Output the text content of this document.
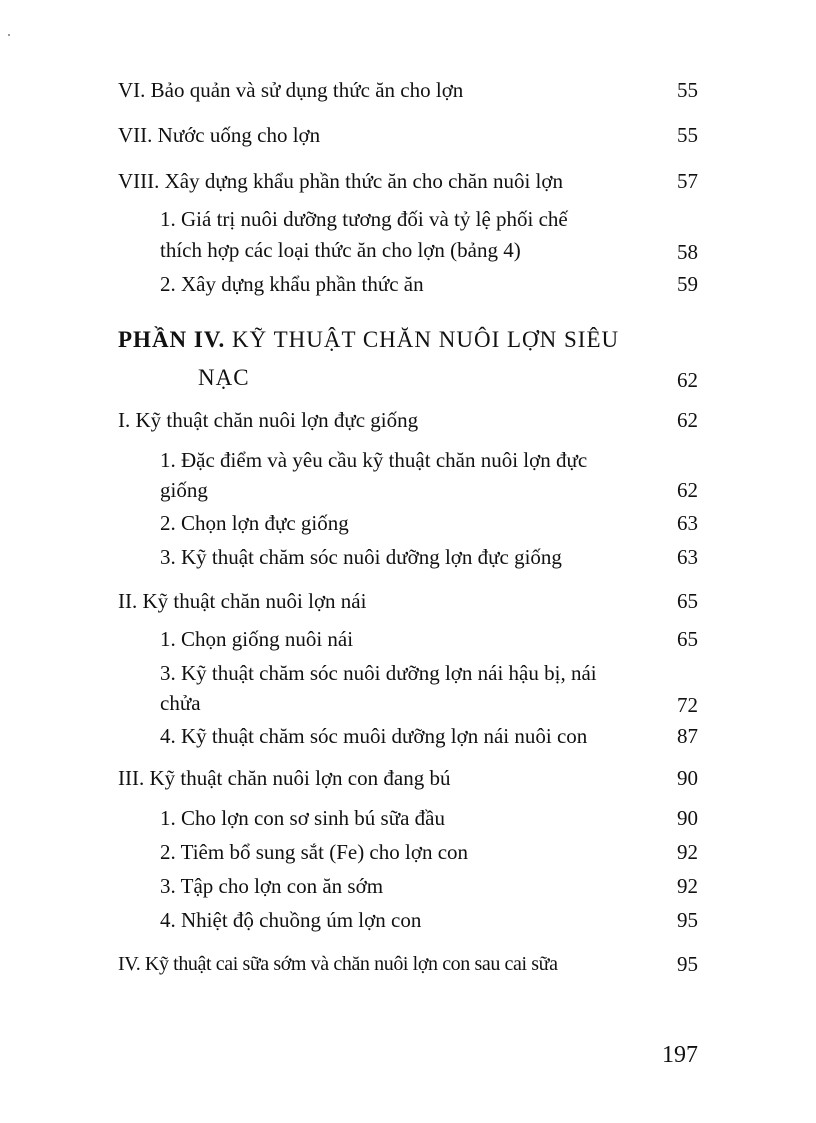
VI. Bảo quản và sử dụng thức ăn cho lợn	55
VII. Nước uống cho lợn	55
VIII. Xây dựng khẩu phần thức ăn cho chăn nuôi lợn	57
1. Giá trị nuôi dưỡng tương đối và tỷ lệ phối chế
thích hợp các loại thức ăn cho lợn (bảng 4)	58
2. Xây dựng khẩu phần thức ăn	59
PHẦN IV. KỸ THUẬT CHĂN NUÔI LỢN SIÊU
NẠC	62
I. Kỹ thuật chăn nuôi lợn đực giống	62
1. Đặc điểm và yêu cầu kỹ thuật chăn nuôi lợn đực
giống	62
2. Chọn lợn đực giống	63
3. Kỹ thuật chăm sóc nuôi dưỡng lợn đực giống	63
II. Kỹ thuật chăn nuôi lợn nái	65
1. Chọn giống nuôi nái	65
3. Kỹ thuật chăm sóc nuôi dưỡng lợn nái hậu bị, nái
chửa	72
4. Kỹ thuật chăm sóc muôi dưỡng lợn nái nuôi con	87
III. Kỹ thuật chăn nuôi lợn con đang bú	90
1. Cho lợn con sơ sinh bú sữa đầu	90
2. Tiêm bổ sung sắt (Fe) cho lợn con	92
3. Tập cho lợn con ăn sớm	92
4. Nhiệt độ chuồng úm lợn con	95
IV. Kỹ thuật cai sữa sớm và chăn nuôi lợn con sau cai sữa	95
197
